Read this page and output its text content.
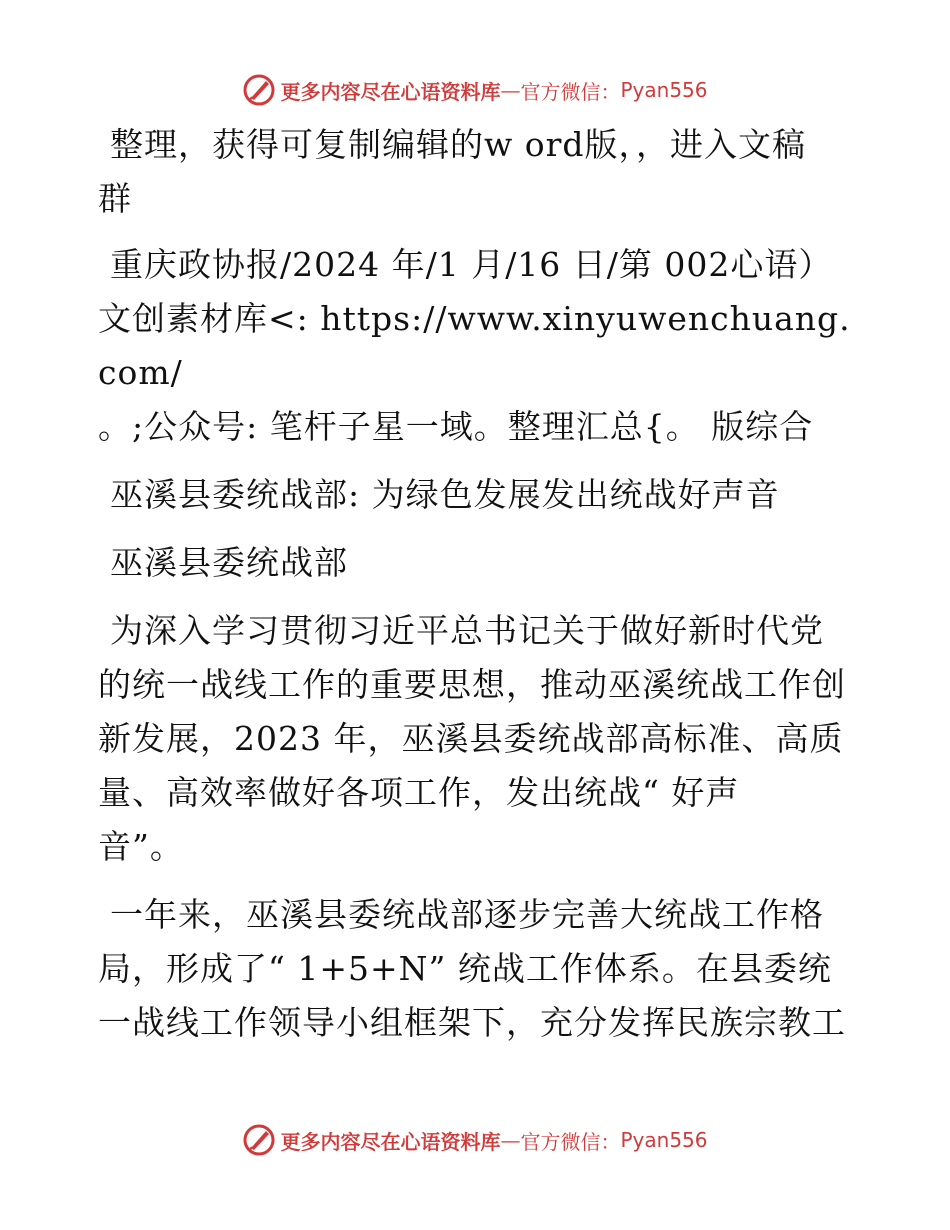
更多内容尽在心语资料库 — 官方微信： Pyan556
整理，获得可复制编辑的w ord版，，进入文稿
群
重庆政协报/2024 年/1 月/16 日/第 002心语）
文创素材库<: https://www.xinyuwenchuang.com/
。;公众号: 笔杆子星一域。整理汇总{。 版综合
巫溪县委统战部: 为绿色发展发出统战好声音
巫溪县委统战部
为深入学习贯彻习近平总书记关于做好新时代党
的统一战线工作的重要思想，推动巫溪统战工作创
新发展，2023 年，巫溪县委统战部高标准、高质
量、高效率做好各项工作，发出统战“ 好声
音”。
一年来，巫溪县委统战部逐步完善大统战工作格
局，形成了“ 1+5+N” 统战工作体系。在县委统
一战线工作领导小组框架下，充分发挥民族宗教工
更多内容尽在心语资料库 — 官方微信： Pyan556
